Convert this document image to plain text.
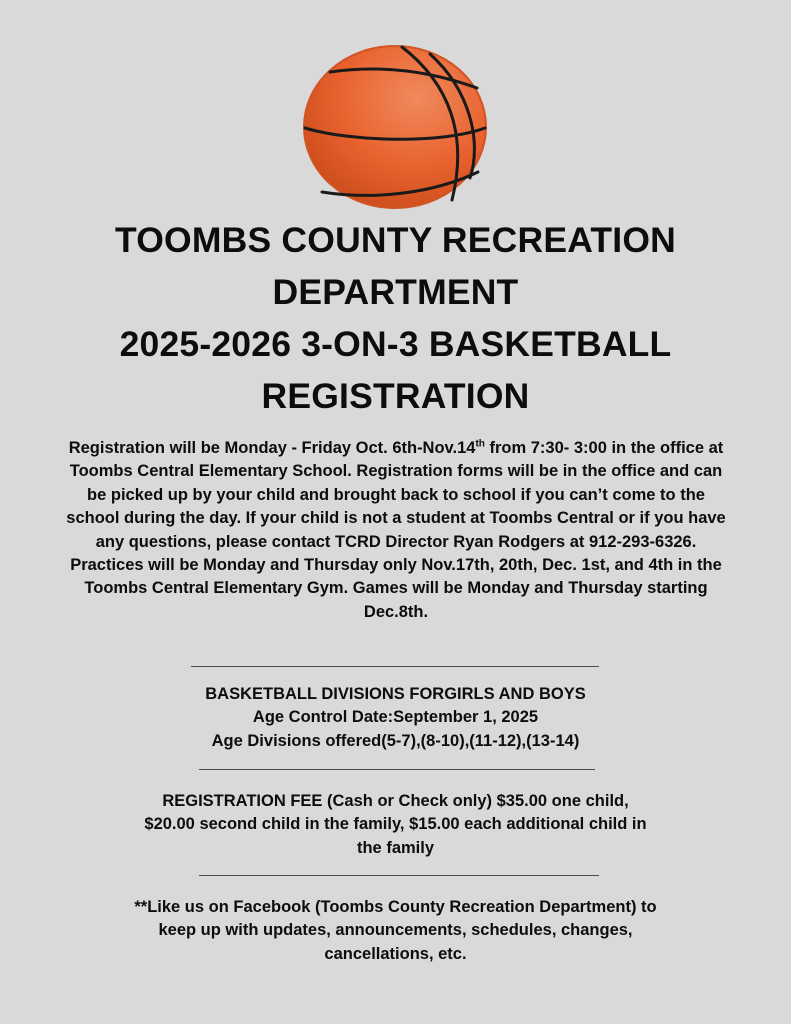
TOOMBS COUNTY RECREATION
DEPARTMENT
2025-2026 3-ON-3 BASKETBALL
REGISTRATION
Registration will be Monday - Friday Oct. 6th-Nov.14th from 7:30- 3:00 in the office at Toombs Central Elementary School. Registration forms will be in the office and can be picked up by your child and brought back to school if you can’t come to the school during the day. If your child is not a student at Toombs Central or if you have any questions, please contact TCRD Director Ryan Rodgers at 912-293-6326. Practices will be Monday and Thursday only Nov.17th, 20th, Dec. 1st, and 4th in the Toombs Central Elementary Gym. Games will be Monday and Thursday starting Dec.8th.
BASKETBALL DIVISIONS FORGIRLS AND BOYS
Age Control Date:September 1, 2025
Age Divisions offered(5-7),(8-10),(11-12),(13-14)
REGISTRATION FEE (Cash or Check only) $35.00 one child,
$20.00 second child in the family, $15.00 each additional child in
the family
**Like us on Facebook (Toombs County Recreation Department) to
keep up with updates, announcements, schedules, changes,
cancellations, etc.
